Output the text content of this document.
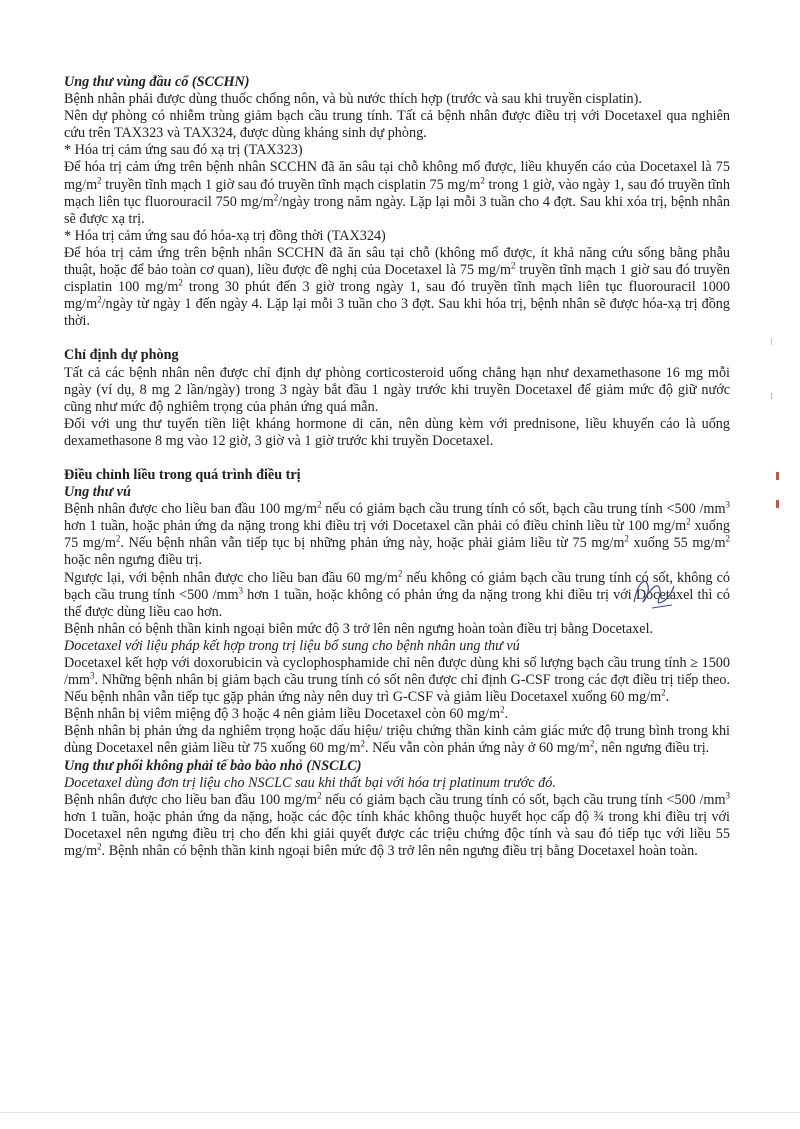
Ung thư vùng đầu cổ (SCCHN)

Bệnh nhân phải được dùng thuốc chống nôn, và bù nước thích hợp (trước và sau khi truyền cisplatin).

Nên dự phòng có nhiễm trùng giảm bạch cầu trung tính. Tất cả bệnh nhân được điều trị với Docetaxel qua nghiên cứu trên TAX323 và TAX324, được dùng kháng sinh dự phòng.

* Hóa trị cảm ứng sau đó xạ trị (TAX323)

Để hóa trị cảm ứng trên bệnh nhân SCCHN đã ăn sâu tại chỗ không mổ được, liều khuyến cáo của Docetaxel là 75 $mg/m^2$ truyền tĩnh mạch 1 giờ sau đó truyền tĩnh mạch cisplatin 75 $mg/m^2$ trong 1 giờ, vào ngày 1, sau đó truyền tĩnh mạch liên tục fluorouracil 750 $mg/m^2$/ngày trong năm ngày. Lặp lại mỗi 3 tuần cho 4 đợt. Sau khi xóa trị, bệnh nhân sẽ được xạ trị.

* Hóa trị cảm ứng sau đó hóa-xạ trị đồng thời (TAX324)

Để hóa trị cảm ứng trên bệnh nhân SCCHN đã ăn sâu tại chỗ (không mổ được, ít khả năng cứu sống bằng phẫu thuật, hoặc để bảo toàn cơ quan), liều được đề nghị của Docetaxel là 75 $mg/m^2$ truyền tĩnh mạch 1 giờ sau đó truyền cisplatin 100 $mg/m^2$ trong 30 phút đến 3 giờ trong ngày 1, sau đó truyền tĩnh mạch liên tục fluorouracil 1000 $mg/m^2$/ngày từ ngày 1 đến ngày 4. Lặp lại mỗi 3 tuần cho 3 đợt. Sau khi hóa trị, bệnh nhân sẽ được hóa-xạ trị đồng thời.

Chỉ định dự phòng

Tất cả các bệnh nhân nên được chỉ định dự phòng corticosteroid uống chẳng hạn như dexamethasone 16 mg mỗi ngày (ví dụ, 8 mg 2 lần/ngày) trong 3 ngày bắt đầu 1 ngày trước khi truyền Docetaxel để giảm mức độ giữ nước cũng như mức độ nghiêm trọng của phản ứng quá mẫn.

Đối với ung thư tuyến tiền liệt kháng hormone di căn, nên dùng kèm với prednisone, liều khuyến cáo là uống dexamethasone 8 mg vào 12 giờ, 3 giờ và 1 giờ trước khi truyền Docetaxel.

Điều chỉnh liều trong quá trình điều trị

Ung thư vú

Bệnh nhân được cho liều ban đầu 100 $mg/m^2$ nếu có giảm bạch cầu trung tính có sốt, bạch cầu trung tính <500 $/mm^3$ hơn 1 tuần, hoặc phản ứng da nặng trong khi điều trị với Docetaxel cần phải có điều chỉnh liều từ 100 $mg/m^2$ xuống 75 $mg/m^2$. Nếu bệnh nhân vẫn tiếp tục bị những phản ứng này, hoặc phải giảm liều từ 75 $mg/m^2$ xuống 55 $mg/m^2$ hoặc nên ngưng điều trị.

Ngược lại, với bệnh nhân được cho liều ban đầu 60 $mg/m^2$ nếu không có giảm bạch cầu trung tính có sốt, không có bạch cầu trung tính <500 $/mm^3$ hơn 1 tuần, hoặc không có phản ứng da nặng trong khi điều trị với Docetaxel thì có thể được dùng liều cao hơn.

Bệnh nhân có bệnh thần kinh ngoại biên mức độ 3 trở lên nên ngưng hoàn toàn điều trị bằng Docetaxel.

Docetaxel với liệu pháp kết hợp trong trị liệu bổ sung cho bệnh nhân ung thư vú

Docetaxel kết hợp với doxorubicin và cyclophosphamide chỉ nên được dùng khi số lượng bạch cầu trung tính ≥ 1500 $/mm^3$. Những bệnh nhân bị giảm bạch cầu trung tính có sốt nên được chỉ định G-CSF trong các đợt điều trị tiếp theo. Nếu bệnh nhân vẫn tiếp tục gặp phản ứng này nên duy trì G-CSF và giảm liều Docetaxel xuống 60 $mg/m^2$.

Bệnh nhân bị viêm miệng độ 3 hoặc 4 nên giảm liều Docetaxel còn 60 $mg/m^2$.

Bệnh nhân bị phản ứng da nghiêm trọng hoặc dấu hiệu/ triệu chứng thần kinh cảm giác mức độ trung bình trong khi dùng Docetaxel nên giảm liều từ 75 xuống 60 $mg/m^2$. Nếu vẫn còn phản ứng này ở 60 $mg/m^2$, nên ngưng điều trị.

Ung thư phổi không phải tế bào bào nhỏ (NSCLC)

Docetaxel dùng đơn trị liệu cho NSCLC sau khi thất bại với hóa trị platinum trước đó.

Bệnh nhân được cho liều ban đầu 100 $mg/m^2$ nếu có giảm bạch cầu trung tính có sốt, bạch cầu trung tính <500 $/mm^3$ hơn 1 tuần, hoặc phản ứng da nặng, hoặc các độc tính khác không thuộc huyết học cấp độ ¾ trong khi điều trị với Docetaxel nên ngưng điều trị cho đến khi giải quyết được các triệu chứng độc tính và sau đó tiếp tục với liều 55 $mg/m^2$. Bệnh nhân có bệnh thần kinh ngoại biên mức độ 3 trở lên nên ngưng điều trị bằng Docetaxel hoàn toàn.

⁝
⁞
